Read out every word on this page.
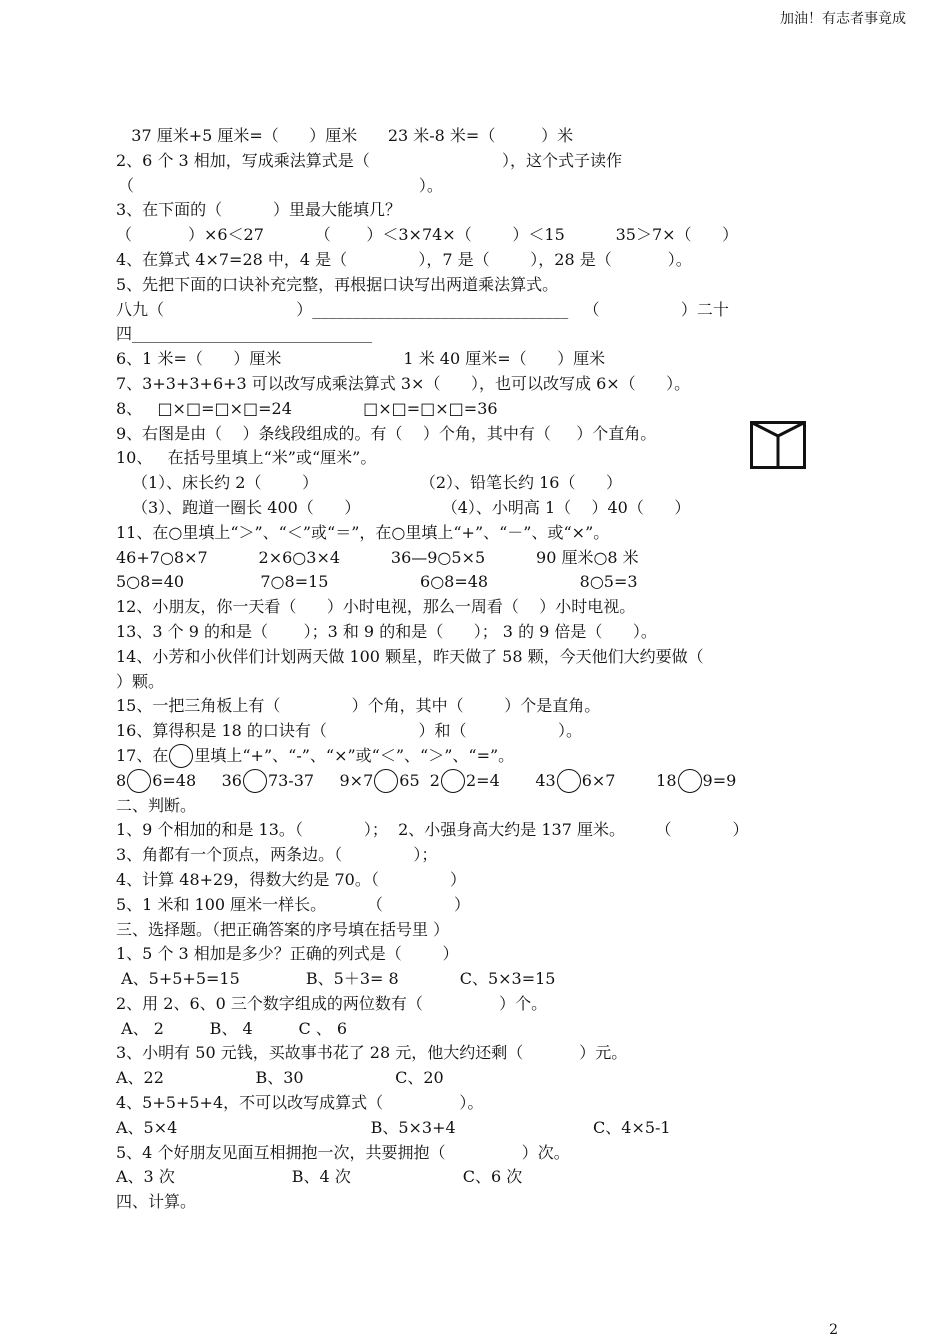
加油！有志者事竟成
37 厘米+5 厘米=（      ）厘米      23 米-8 米=（         ）米
2、6 个 3 相加，写成乘法算式是（                          ），这个式子读作
（                                                        ）。
3、在下面的（          ）里最大能填几？
（           ）×6＜27          （       ）＜3×74×（        ）＜15          35＞7×（      ）
4、在算式 4×7=28 中，4 是（              ），7 是（        ），28 是（           ）。
5、先把下面的口诀补充完整，再根据口诀写出两道乘法算式。
八九（                          ）________________________________   （                ）二十
四______________________________
6、1 米=（      ）厘米                        1 米 40 厘米=（      ）厘米
7、3+3+3+6+3 可以改写成乘法算式 3×（      ），也可以改写成 6×（      ）。
8、   □×□=□×□=24              □×□=□×□=36
9、右图是由（    ）条线段组成的。有（    ）个角，其中有（     ）个直角。
10、   在括号里填上“米”或“厘米”。
（1）、床长约 2（        ）                    （2）、铅笔长约 16（      ）
（3）、跑道一圈长 400（      ）                （4）、小明高 1（    ）40（      ）
11、在○里填上“＞”、“＜”或“＝”，在○里填上“+”、“－”、或“×”。
46+7○8×7          2×6○3×4          36—9○5×5          90 厘米○8 米
5○8=40               7○8=15                  6○8=48                  8○5=3
12、小朋友，你一天看（      ）小时电视，那么一周看（    ）小时电视。
13、3 个 9 的和是（       ）；3 和 9 的和是（      ）； 3 的 9 倍是（      ）。
14、小芳和小伙伴们计划两天做 100 颗星，昨天做了 58 颗，今天他们大约要做（
）颗。
15、一把三角板上有（              ）个角，其中（        ）个是直角。
16、算得积是 18 的口诀有（                  ）和（                  ）。
17、在 里填上“+”、“-”、“×”或“＜”、“＞”、“=”。
8 6=48     36 73-37     9×7 65  2 2=4       43 6×7        18 9=9
二、判断。
1、9 个相加的和是 13。（            ）；  2、小强身高大约是 137 厘米。      （            ）
3、角都有一个顶点，两条边。（              ）；
4、计算 48+29，得数大约是 70。（              ）
5、1 米和 100 厘米一样长。        （              ）
三、选择题。（把正确答案的序号填在括号里 ）
1、5 个 3 相加是多少？正确的列式是（        ）
A、5+5+5=15             B、5＋3= 8            C、5×3=15
2、用 2、6、0 三个数字组成的两位数有（               ）个。
A、 2         B、 4         C 、 6
3、小明有 50 元钱，买故事书花了 28 元，他大约还剩（           ）元。
A、22                  B、30                  C、20
4、5+5+5+4，不可以改写成算式（               ）。
A、5×4                                      B、5×3+4                           C、4×5-1
5、4 个好朋友见面互相拥抱一次，共要拥抱（               ）次。
A、3 次                       B、4 次                      C、6 次
四、计算。
2
